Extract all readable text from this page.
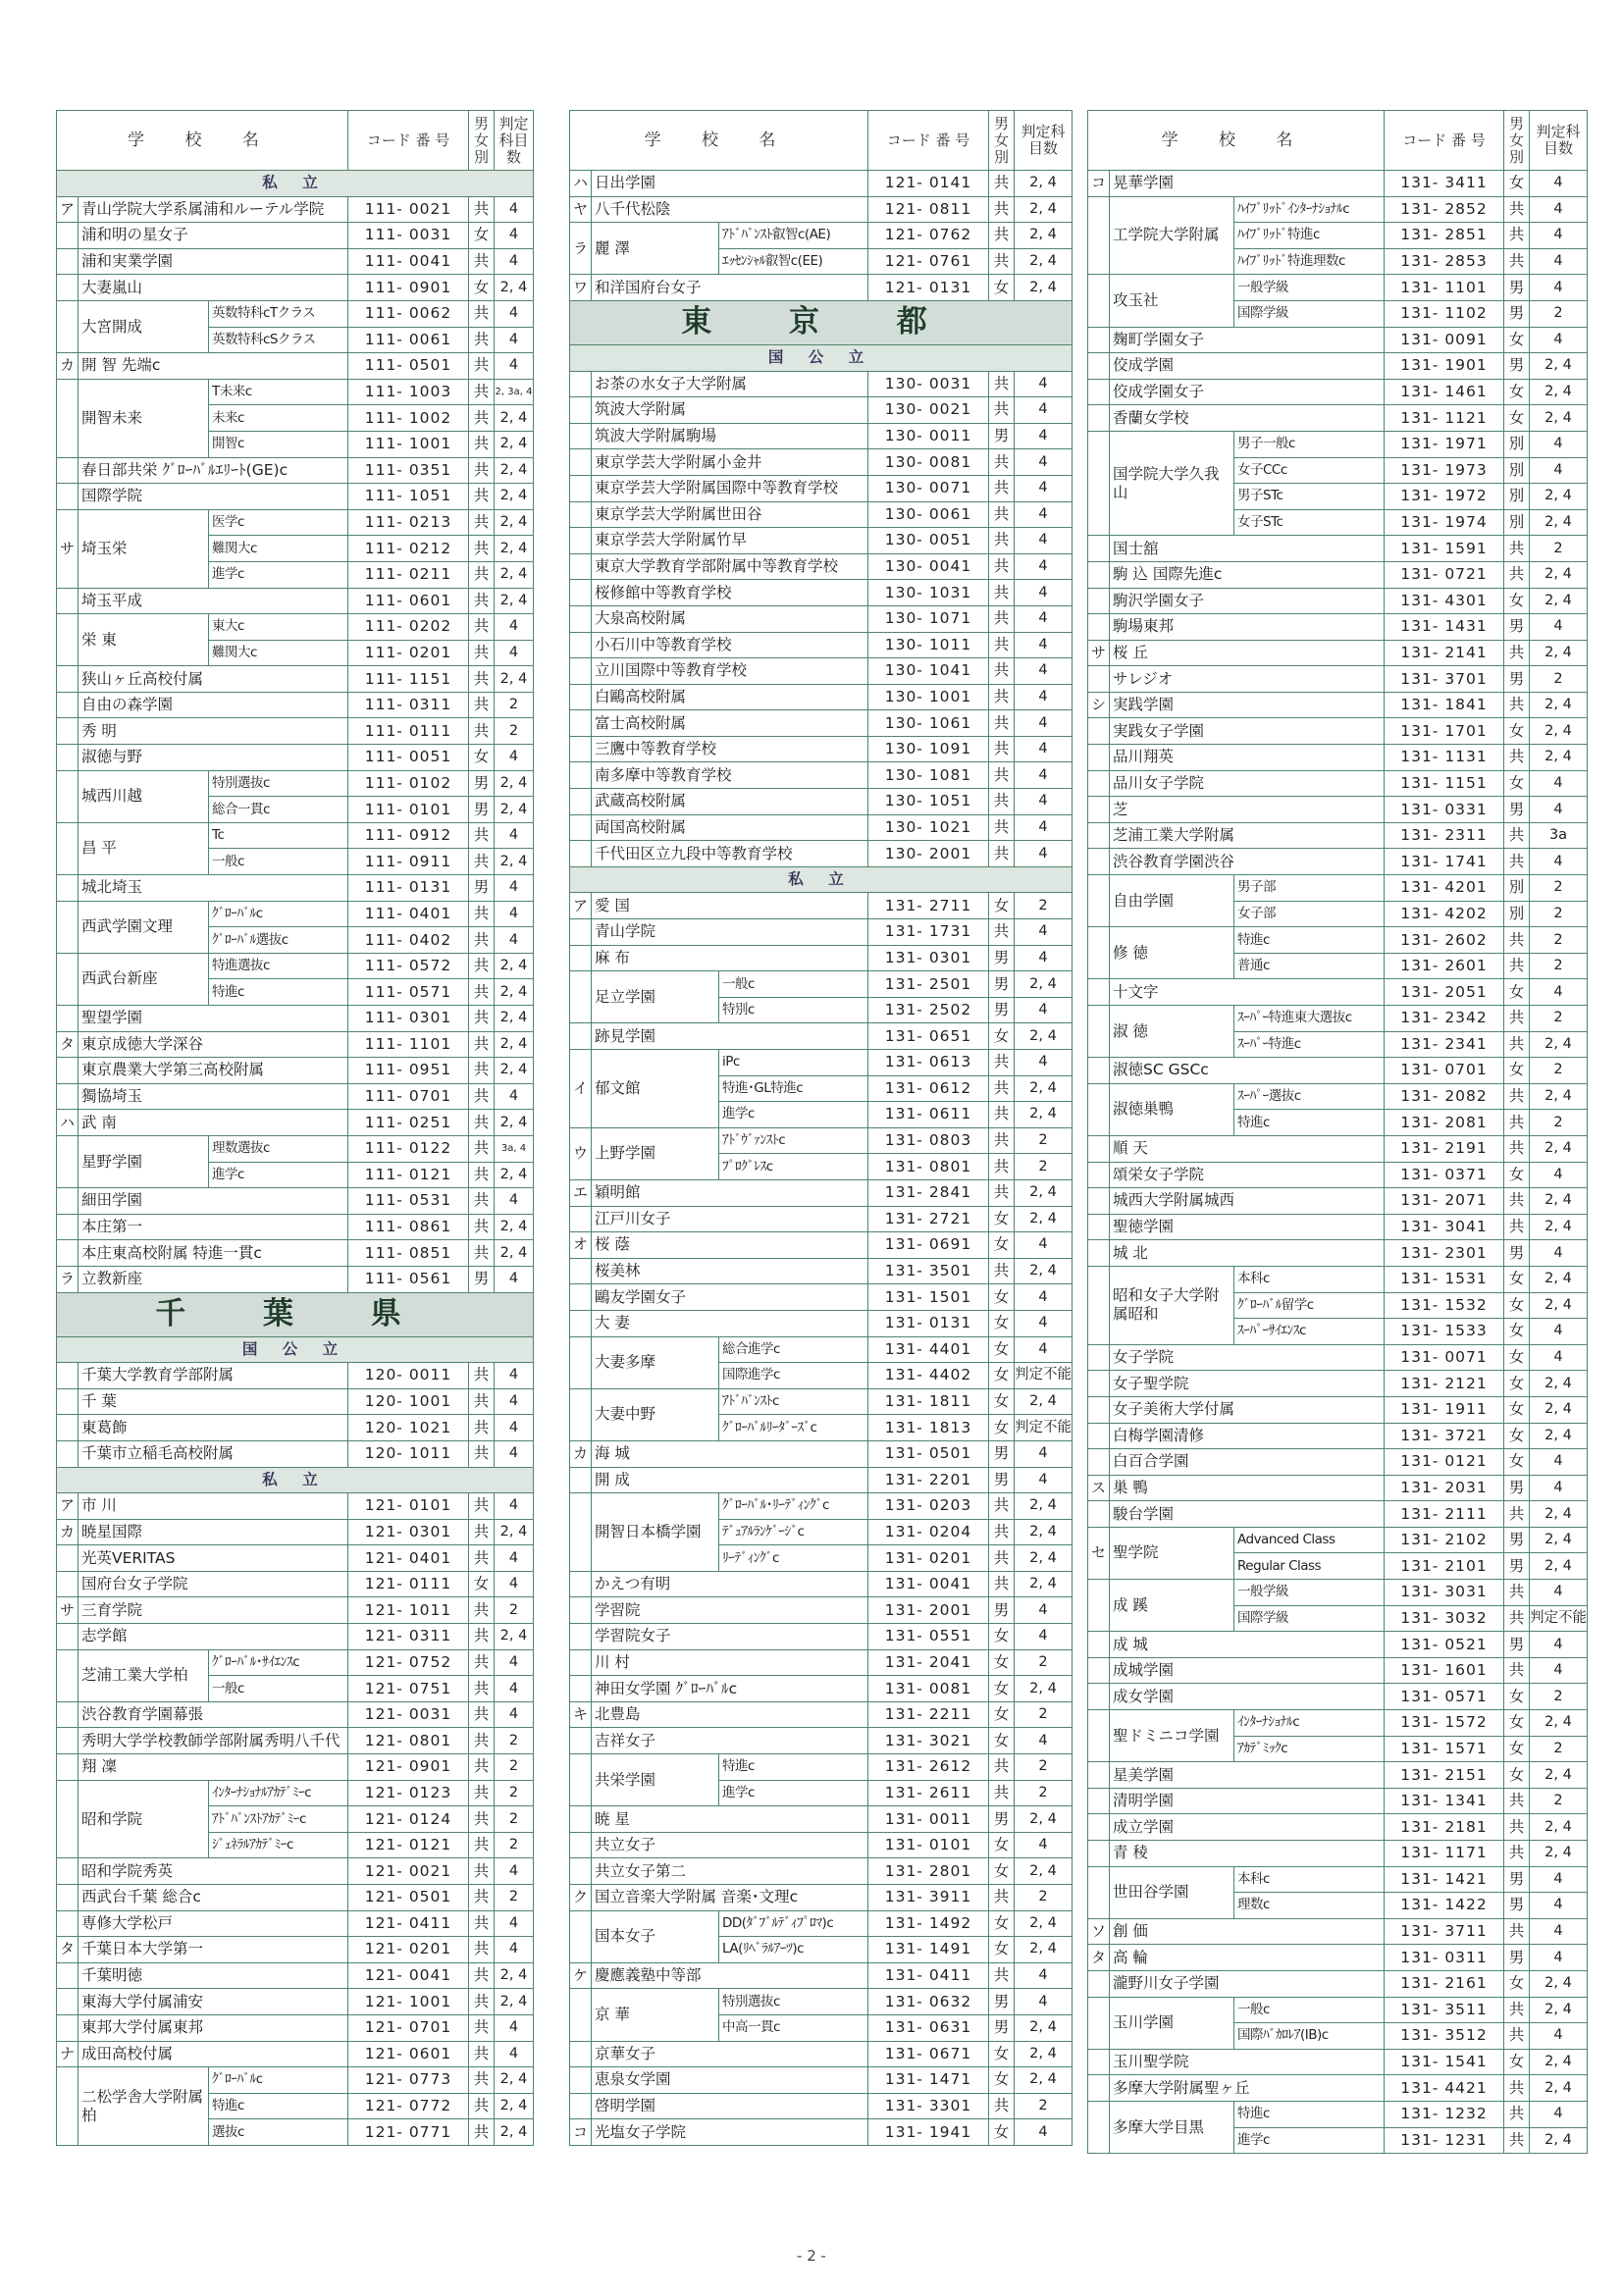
学 校 名			コード 番 号	男女別	判定科目数
私 立					
ア	青山学院大学系属浦和ルーテル学院		111- 0021	共	4
	浦和明の星女子		111- 0031	女	4
	浦和実業学園		111- 0041	共	4
	大妻嵐山		111- 0901	女	2, 4
	大宮開成	英数特科cTクラス	111- 0062	共	4
		英数特科cSクラス	111- 0061	共	4
カ	開 智 先端c		111- 0501	共	4
	開智未来	T未来c	111- 1003	共	2, 3a, 4
		未来c	111- 1002	共	2, 4
		開智c	111- 1001	共	2, 4
	春日部共栄 ｸﾞﾛｰﾊﾞﾙｴﾘｰﾄ(GE)c		111- 0351	共	2, 4
	国際学院		111- 1051	共	2, 4
サ	埼玉栄	医学c	111- 0213	共	2, 4
		難関大c	111- 0212	共	2, 4
		進学c	111- 0211	共	2, 4
	埼玉平成		111- 0601	共	2, 4
	栄 東	東大c	111- 0202	共	4
		難関大c	111- 0201	共	4
	狭山ヶ丘高校付属		111- 1151	共	2, 4
	自由の森学園		111- 0311	共	2
	秀 明		111- 0111	共	2
	淑徳与野		111- 0051	女	4
	城西川越	特別選抜c	111- 0102	男	2, 4
		総合一貫c	111- 0101	男	2, 4
	昌 平	Tc	111- 0912	共	4
		一般c	111- 0911	共	2, 4
	城北埼玉		111- 0131	男	4
	西武学園文理	ｸﾞﾛｰﾊﾞﾙc	111- 0401	共	4
		ｸﾞﾛｰﾊﾞﾙ選抜c	111- 0402	共	4
	西武台新座	特進選抜c	111- 0572	共	2, 4
		特進c	111- 0571	共	2, 4
	聖望学園		111- 0301	共	2, 4
タ	東京成徳大学深谷		111- 1101	共	2, 4
	東京農業大学第三高校附属		111- 0951	共	2, 4
	獨協埼玉		111- 0701	共	4
ハ	武 南		111- 0251	共	2, 4
	星野学園	理数選抜c	111- 0122	共	3a, 4
		進学c	111- 0121	共	2, 4
	細田学園		111- 0531	共	4
	本庄第一		111- 0861	共	2, 4
	本庄東高校附属 特進一貫c		111- 0851	共	2, 4
ラ	立教新座		111- 0561	男	4
千 葉 県					
国 公 立					
	千葉大学教育学部附属		120- 0011	共	4
	千 葉		120- 1001	共	4
	東葛飾		120- 1021	共	4
	千葉市立稲毛高校附属		120- 1011	共	4
私 立					
ア	市 川		121- 0101	共	4
カ	暁星国際		121- 0301	共	2, 4
	光英VERITAS		121- 0401	共	4
	国府台女子学院		121- 0111	女	4
サ	三育学院		121- 1011	共	2
	志学館		121- 0311	共	2, 4
	芝浦工業大学柏	ｸﾞﾛｰﾊﾞﾙ･ｻｲｴﾝｽc	121- 0752	共	4
		一般c	121- 0751	共	4
	渋谷教育学園幕張		121- 0031	共	4
	秀明大学学校教師学部附属秀明八千代		121- 0801	共	2
	翔 凜		121- 0901	共	2
	昭和学院	ｲﾝﾀｰﾅｼｮﾅﾙｱｶﾃﾞﾐｰc	121- 0123	共	2
		ｱﾄﾞﾊﾞﾝｽﾄｱｶﾃﾞﾐｰc	121- 0124	共	2
		ｼﾞｪﾈﾗﾙｱｶﾃﾞﾐｰc	121- 0121	共	2
	昭和学院秀英		121- 0021	共	4
	西武台千葉 総合c		121- 0501	共	2
	専修大学松戸		121- 0411	共	4
タ	千葉日本大学第一		121- 0201	共	4
	千葉明徳		121- 0041	共	2, 4
	東海大学付属浦安		121- 1001	共	2, 4
	東邦大学付属東邦		121- 0701	共	4
ナ	成田高校付属		121- 0601	共	4
	二松学舎大学附属柏	ｸﾞﾛｰﾊﾞﾙc	121- 0773	共	2, 4
		特進c	121- 0772	共	2, 4
		選抜c	121- 0771	共	2, 4
学 校 名			コード 番 号	男女別	判定科目数
ハ	日出学園		121- 0141	共	2, 4
ヤ	八千代松陰		121- 0811	共	2, 4
ラ	麗 澤	ｱﾄﾞﾊﾞﾝｽﾄ叡智c(AE)	121- 0762	共	2, 4
		ｴｯｾﾝｼｬﾙ叡智c(EE)	121- 0761	共	2, 4
ワ	和洋国府台女子		121- 0131	女	2, 4
東 京 都					
国 公 立					
	お茶の水女子大学附属		130- 0031	共	4
	筑波大学附属		130- 0021	共	4
	筑波大学附属駒場		130- 0011	男	4
	東京学芸大学附属小金井		130- 0081	共	4
	東京学芸大学附属国際中等教育学校		130- 0071	共	4
	東京学芸大学附属世田谷		130- 0061	共	4
	東京学芸大学附属竹早		130- 0051	共	4
	東京大学教育学部附属中等教育学校		130- 0041	共	4
	桜修館中等教育学校		130- 1031	共	4
	大泉高校附属		130- 1071	共	4
	小石川中等教育学校		130- 1011	共	4
	立川国際中等教育学校		130- 1041	共	4
	白鷗高校附属		130- 1001	共	4
	富士高校附属		130- 1061	共	4
	三鷹中等教育学校		130- 1091	共	4
	南多摩中等教育学校		130- 1081	共	4
	武蔵高校附属		130- 1051	共	4
	両国高校附属		130- 1021	共	4
	千代田区立九段中等教育学校		130- 2001	共	4
私 立					
ア	愛 国		131- 2711	女	2
	青山学院		131- 1731	共	4
	麻 布		131- 0301	男	4
	足立学園	一般c	131- 2501	男	2, 4
		特別c	131- 2502	男	4
	跡見学園		131- 0651	女	2, 4
イ	郁文館	iPc	131- 0613	共	4
		特進･GL特進c	131- 0612	共	2, 4
		進学c	131- 0611	共	2, 4
ウ	上野学園	ｱﾄﾞｳﾞｧﾝｽﾄc	131- 0803	共	2
		ﾌﾟﾛｸﾞﾚｽc	131- 0801	共	2
エ	穎明館		131- 2841	共	2, 4
	江戸川女子		131- 2721	女	2, 4
オ	桜 蔭		131- 0691	女	4
	桜美林		131- 3501	共	2, 4
	鷗友学園女子		131- 1501	女	4
	大 妻		131- 0131	女	4
	大妻多摩	総合進学c	131- 4401	女	4
		国際進学c	131- 4402	女	判定不能
	大妻中野	ｱﾄﾞﾊﾞﾝｽﾄc	131- 1811	女	2, 4
		ｸﾞﾛｰﾊﾞﾙﾘｰﾀﾞｰｽﾞc	131- 1813	女	判定不能
カ	海 城		131- 0501	男	4
	開 成		131- 2201	男	4
	開智日本橋学園	ｸﾞﾛｰﾊﾞﾙ･ﾘｰﾃﾞｨﾝｸﾞc	131- 0203	共	2, 4
		ﾃﾞｭｱﾙﾗﾝｹﾞｰｼﾞc	131- 0204	共	2, 4
		ﾘｰﾃﾞｨﾝｸﾞc	131- 0201	共	2, 4
	かえつ有明		131- 0041	共	2, 4
	学習院		131- 2001	男	4
	学習院女子		131- 0551	女	4
	川 村		131- 2041	女	2
	神田女学園 ｸﾞﾛｰﾊﾞﾙc		131- 0081	女	2, 4
キ	北豊島		131- 2211	女	2
	吉祥女子		131- 3021	女	4
	共栄学園	特進c	131- 2612	共	2
		進学c	131- 2611	共	2
	暁 星		131- 0011	男	2, 4
	共立女子		131- 0101	女	4
	共立女子第二		131- 2801	女	2, 4
ク	国立音楽大学附属 音楽･文理c		131- 3911	共	2
	国本女子	DD(ﾀﾞﾌﾞﾙﾃﾞｨﾌﾟﾛﾏ)c	131- 1492	女	2, 4
		LA(ﾘﾍﾞﾗﾙｱｰﾂ)c	131- 1491	女	2, 4
ケ	慶應義塾中等部		131- 0411	共	4
	京 華	特別選抜c	131- 0632	男	4
		中高一貫c	131- 0631	男	2, 4
	京華女子		131- 0671	女	2, 4
	恵泉女学園		131- 1471	女	2, 4
	啓明学園		131- 3301	共	2
コ	光塩女子学院		131- 1941	女	4
学 校 名			コード 番 号	男女別	判定科目数
コ	晃華学園		131- 3411	女	4
	工学院大学附属	ﾊｲﾌﾞﾘｯﾄﾞｲﾝﾀｰﾅｼｮﾅﾙc	131- 2852	共	4
		ﾊｲﾌﾞﾘｯﾄﾞ特進c	131- 2851	共	4
		ﾊｲﾌﾞﾘｯﾄﾞ特進理数c	131- 2853	共	4
	攻玉社	一般学級	131- 1101	男	4
		国際学級	131- 1102	男	2
	麹町学園女子		131- 0091	女	4
	佼成学園		131- 1901	男	2, 4
	佼成学園女子		131- 1461	女	2, 4
	香蘭女学校		131- 1121	女	2, 4
	国学院大学久我山	男子一般c	131- 1971	別	4
		女子CCc	131- 1973	別	4
		男子STc	131- 1972	別	2, 4
		女子STc	131- 1974	別	2, 4
	国士舘		131- 1591	共	2
	駒 込 国際先進c		131- 0721	共	2, 4
	駒沢学園女子		131- 4301	女	2, 4
	駒場東邦		131- 1431	男	4
サ	桜 丘		131- 2141	共	2, 4
	サレジオ		131- 3701	男	2
シ	実践学園		131- 1841	共	2, 4
	実践女子学園		131- 1701	女	2, 4
	品川翔英		131- 1131	共	2, 4
	品川女子学院		131- 1151	女	4
	芝		131- 0331	男	4
	芝浦工業大学附属		131- 2311	共	3a
	渋谷教育学園渋谷		131- 1741	共	4
	自由学園	男子部	131- 4201	別	2
		女子部	131- 4202	別	2
	修 徳	特進c	131- 2602	共	2
		普通c	131- 2601	共	2
	十文字		131- 2051	女	4
	淑 徳	ｽｰﾊﾟｰ特進東大選抜c	131- 2342	共	2
		ｽｰﾊﾟｰ特進c	131- 2341	共	2, 4
	淑徳SC GSCc		131- 0701	女	2
	淑徳巣鴨	ｽｰﾊﾟｰ選抜c	131- 2082	共	2, 4
		特進c	131- 2081	共	2
	順 天		131- 2191	共	2, 4
	頌栄女子学院		131- 0371	女	4
	城西大学附属城西		131- 2071	共	2, 4
	聖徳学園		131- 3041	共	2, 4
	城 北		131- 2301	男	4
	昭和女子大学附属昭和	本科c	131- 1531	女	2, 4
		ｸﾞﾛｰﾊﾞﾙ留学c	131- 1532	女	2, 4
		ｽｰﾊﾟｰｻｲｴﾝｽc	131- 1533	女	4
	女子学院		131- 0071	女	4
	女子聖学院		131- 2121	女	2, 4
	女子美術大学付属		131- 1911	女	2, 4
	白梅学園清修		131- 3721	女	2, 4
	白百合学園		131- 0121	女	4
ス	巣 鴨		131- 2031	男	4
	駿台学園		131- 2111	共	2, 4
セ	聖学院	Advanced Class	131- 2102	男	2, 4
		Regular Class	131- 2101	男	2, 4
	成 蹊	一般学級	131- 3031	共	4
		国際学級	131- 3032	共	判定不能
	成 城		131- 0521	男	4
	成城学園		131- 1601	共	4
	成女学園		131- 0571	女	2
	聖ドミニコ学園	ｲﾝﾀｰﾅｼｮﾅﾙc	131- 1572	女	2, 4
		ｱｶﾃﾞﾐｯｸc	131- 1571	女	2
	星美学園		131- 2151	女	2, 4
	清明学園		131- 1341	共	2
	成立学園		131- 2181	共	2, 4
	青 稜		131- 1171	共	2, 4
	世田谷学園	本科c	131- 1421	男	4
		理数c	131- 1422	男	4
ソ	創 価		131- 3711	共	4
タ	高 輪		131- 0311	男	4
	瀧野川女子学園		131- 2161	女	2, 4
	玉川学園	一般c	131- 3511	共	2, 4
		国際ﾊﾞｶﾛﾚｱ(IB)c	131- 3512	共	4
	玉川聖学院		131- 1541	女	2, 4
	多摩大学附属聖ヶ丘		131- 4421	共	2, 4
	多摩大学目黒	特進c	131- 1232	共	4
		進学c	131- 1231	共	2, 4
- 2 -
